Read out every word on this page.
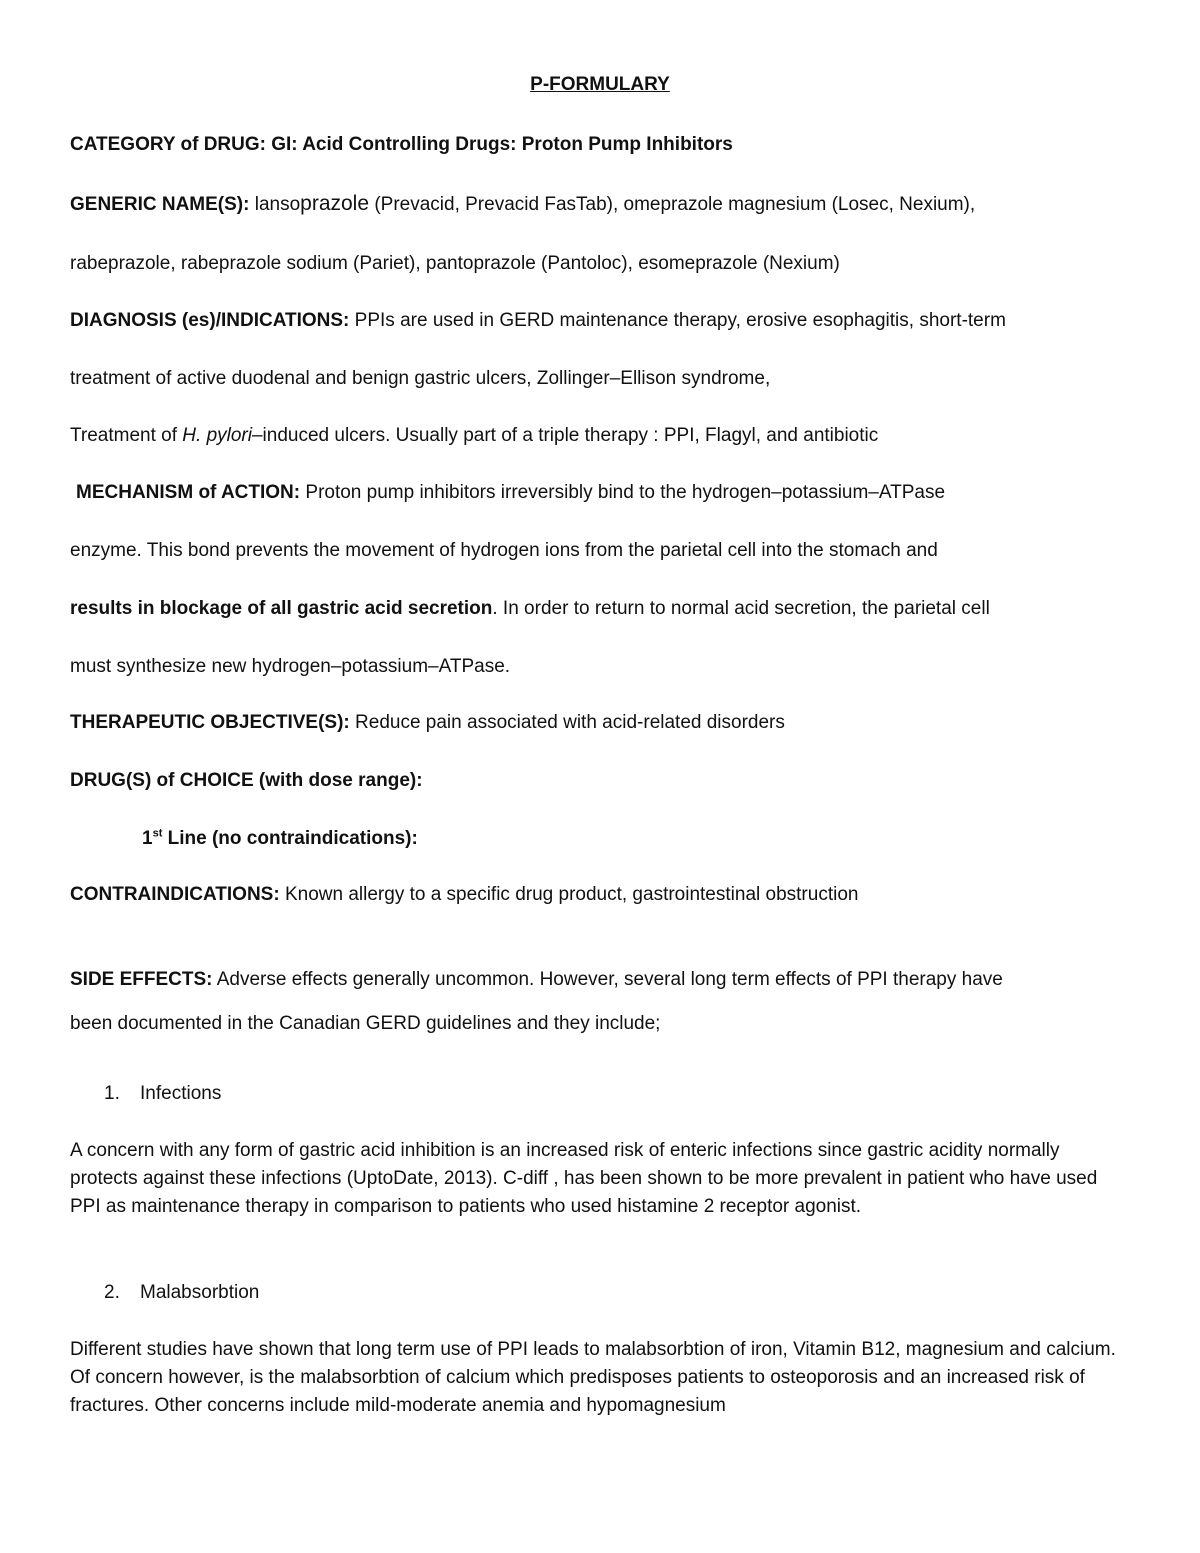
P-FORMULARY
CATEGORY of DRUG: GI: Acid Controlling Drugs: Proton Pump Inhibitors
GENERIC NAME(S): lansoprazole (Prevacid, Prevacid FasTab), omeprazole magnesium (Losec, Nexium),
rabeprazole, rabeprazole sodium (Pariet), pantoprazole (Pantoloc), esomeprazole (Nexium)
DIAGNOSIS (es)/INDICATIONS: PPIs are used in GERD maintenance therapy, erosive esophagitis, short-term
treatment of active duodenal and benign gastric ulcers, Zollinger–Ellison syndrome,
Treatment of H. pylori–induced ulcers. Usually part of a triple therapy : PPI, Flagyl, and antibiotic
MECHANISM of ACTION: Proton pump inhibitors irreversibly bind to the hydrogen–potassium–ATPase
enzyme. This bond prevents the movement of hydrogen ions from the parietal cell into the stomach and
results in blockage of all gastric acid secretion. In order to return to normal acid secretion, the parietal cell
must synthesize new hydrogen–potassium–ATPase.
THERAPEUTIC OBJECTIVE(S): Reduce pain associated with acid-related disorders
DRUG(S) of CHOICE (with dose range):
1st Line (no contraindications):
CONTRAINDICATIONS: Known allergy to a specific drug product, gastrointestinal obstruction
SIDE EFFECTS: Adverse effects generally uncommon. However, several long term effects of PPI therapy have
been documented in the Canadian GERD guidelines and they include;
1. Infections
A concern with any form of gastric acid inhibition is an increased risk of enteric infections since gastric acidity normally protects against these infections (UptoDate, 2013). C-diff , has been shown to be more prevalent in patient who have used PPI as maintenance therapy in comparison to patients who used histamine 2 receptor agonist.
2. Malabsorbtion
Different studies have shown that long term use of PPI leads to malabsorbtion of iron, Vitamin B12, magnesium and calcium. Of concern however, is the malabsorbtion of calcium which predisposes patients to osteoporosis and an increased risk of fractures. Other concerns include mild-moderate anemia and hypomagnesium
